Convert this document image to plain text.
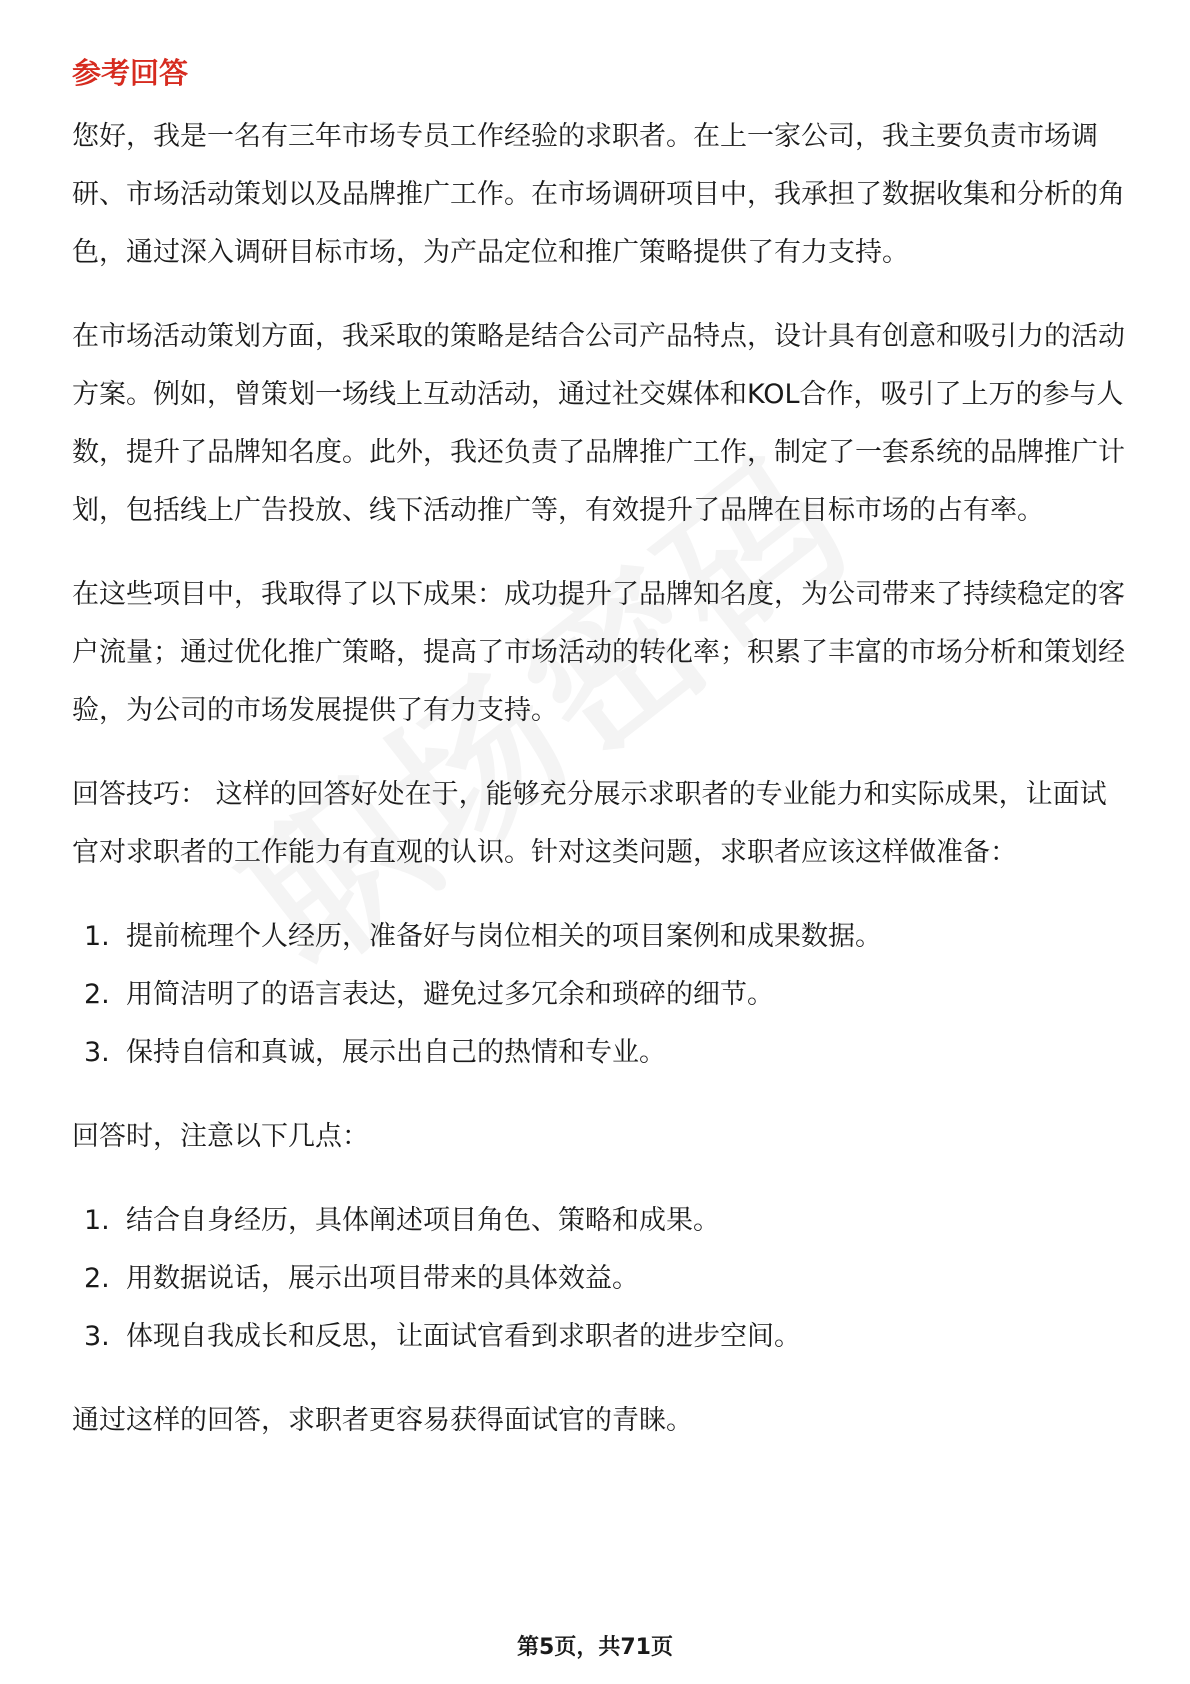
参考回答

您好，我是一名有三年市场专员工作经验的求职者。在上一家公司，我主要负责市场调研、市场活动策划以及品牌推广工作。在市场调研项目中，我承担了数据收集和分析的角色，通过深入调研目标市场，为产品定位和推广策略提供了有力支持。

在市场活动策划方面，我采取的策略是结合公司产品特点，设计具有创意和吸引力的活动方案。例如，曾策划一场线上互动活动，通过社交媒体和KOL合作，吸引了上万的参与人数，提升了品牌知名度。此外，我还负责了品牌推广工作，制定了一套系统的品牌推广计划，包括线上广告投放、线下活动推广等，有效提升了品牌在目标市场的占有率。

在这些项目中，我取得了以下成果：成功提升了品牌知名度，为公司带来了持续稳定的客户流量；通过优化推广策略，提高了市场活动的转化率；积累了丰富的市场分析和策划经验，为公司的市场发展提供了有力支持。

回答技巧： 这样的回答好处在于，能够充分展示求职者的专业能力和实际成果，让面试官对求职者的工作能力有直观的认识。针对这类问题，求职者应该这样做准备：

1. 提前梳理个人经历，准备好与岗位相关的项目案例和成果数据。
2. 用简洁明了的语言表达，避免过多冗余和琐碎的细节。
3. 保持自信和真诚，展示出自己的热情和专业。

回答时，注意以下几点：

1. 结合自身经历，具体阐述项目角色、策略和成果。
2. 用数据说话，展示出项目带来的具体效益。
3. 体现自我成长和反思，让面试官看到求职者的进步空间。

通过这样的回答，求职者更容易获得面试官的青睐。

第5页，共71页
